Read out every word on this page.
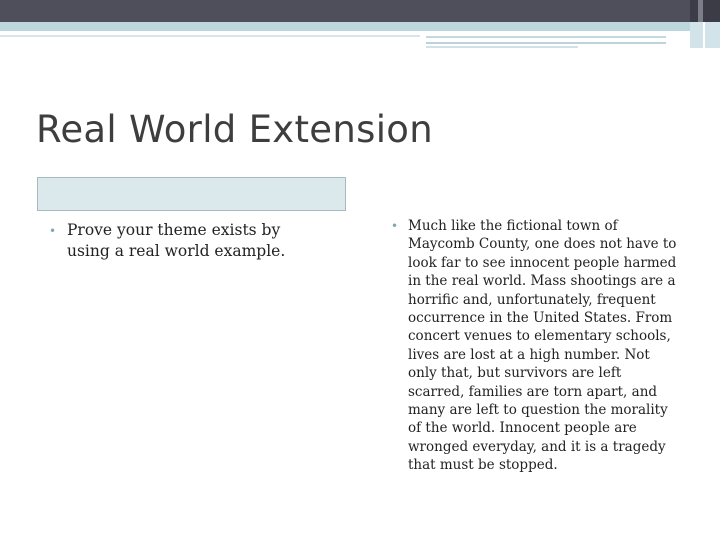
Real World Extension
• Prove your theme exists by using a real world example.

• Much like the fictional town of Maycomb County, one does not have to look far to see innocent people harmed in the real world. Mass shootings are a horrific and, unfortunately, frequent occurrence in the United States. From concert venues to elementary schools, lives are lost at a high number. Not only that, but survivors are left scarred, families are torn apart, and many are left to question the morality of the world. Innocent people are wronged everyday, and it is a tragedy that must be stopped.
